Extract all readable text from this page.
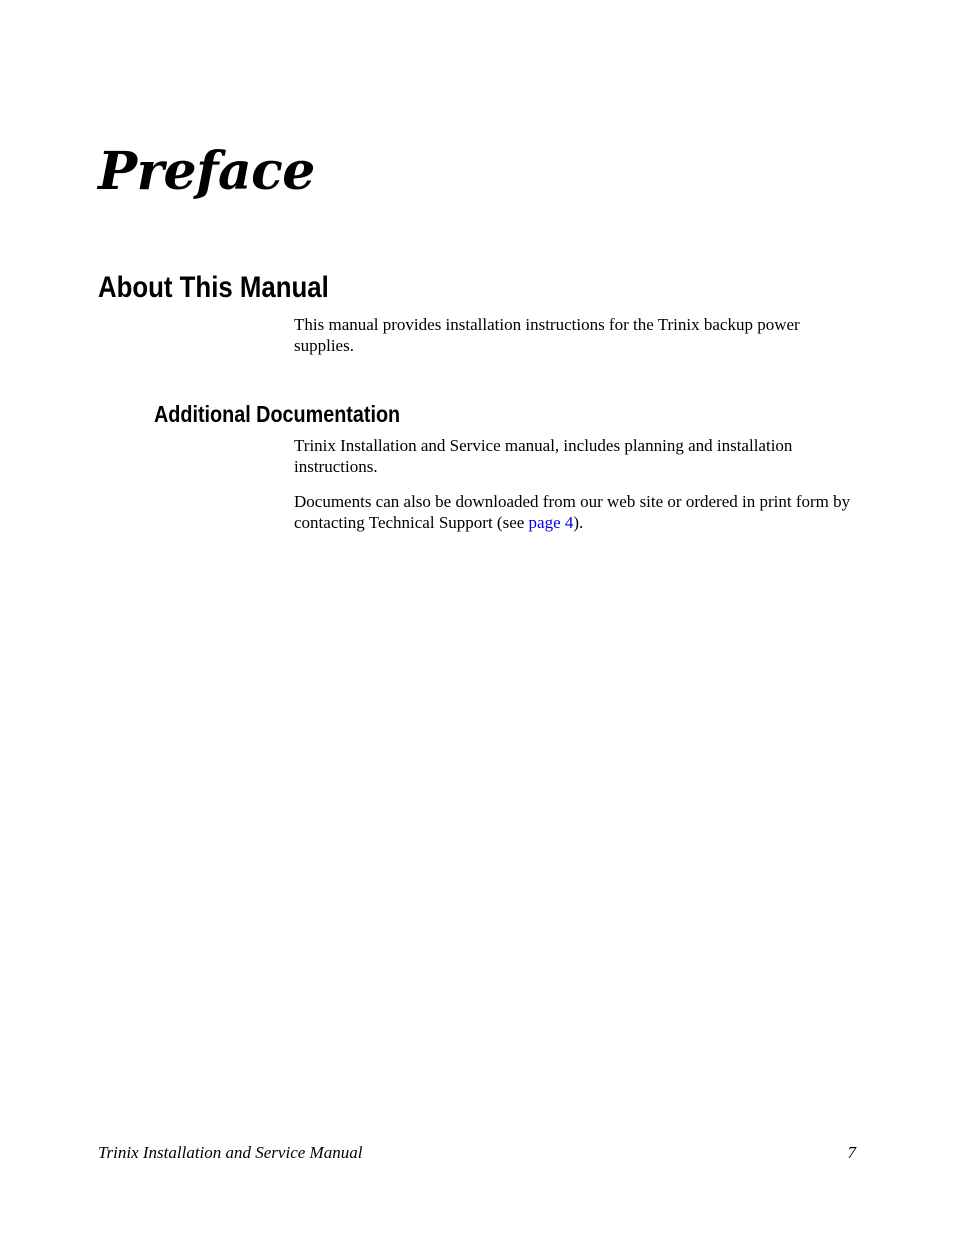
Preface
About This Manual

This manual provides installation instructions for the Trinix backup power supplies.

Additional Documentation

Trinix Installation and Service manual, includes planning and installation instructions.

Documents can also be downloaded from our web site or ordered in print form by contacting Technical Support (see page 4).

Trinix Installation and Service Manual	7
